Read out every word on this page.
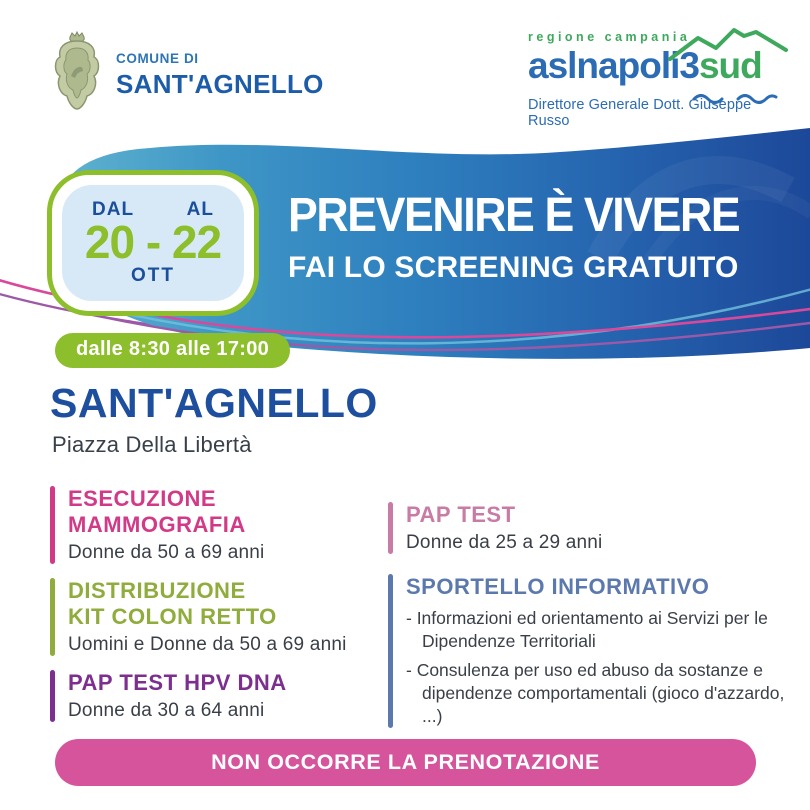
COMUNE DI
SANT'AGNELLO
regione campania
aslnapoli3sud
Direttore Generale Dott. Giuseppe Russo
PREVENIRE È VIVERE
FAI LO SCREENING GRATUITO
DAL	AL
20 - 22
OTT
dalle 8:30 alle 17:00
SANT'AGNELLO
Piazza Della Libertà
ESECUZIONE
MAMMOGRAFIA
Donne da 50 a 69 anni
DISTRIBUZIONE
KIT COLON RETTO
Uomini e Donne da 50 a 69 anni
PAP TEST HPV DNA
Donne da 30 a 64 anni
PAP TEST
Donne da 25 a 29 anni
SPORTELLO INFORMATIVO
- Informazioni ed orientamento ai Servizi per le Dipendenze Territoriali
- Consulenza per uso ed abuso da sostanze e dipendenze comportamentali (gioco d'azzardo, ...)
NON OCCORRE LA PRENOTAZIONE
